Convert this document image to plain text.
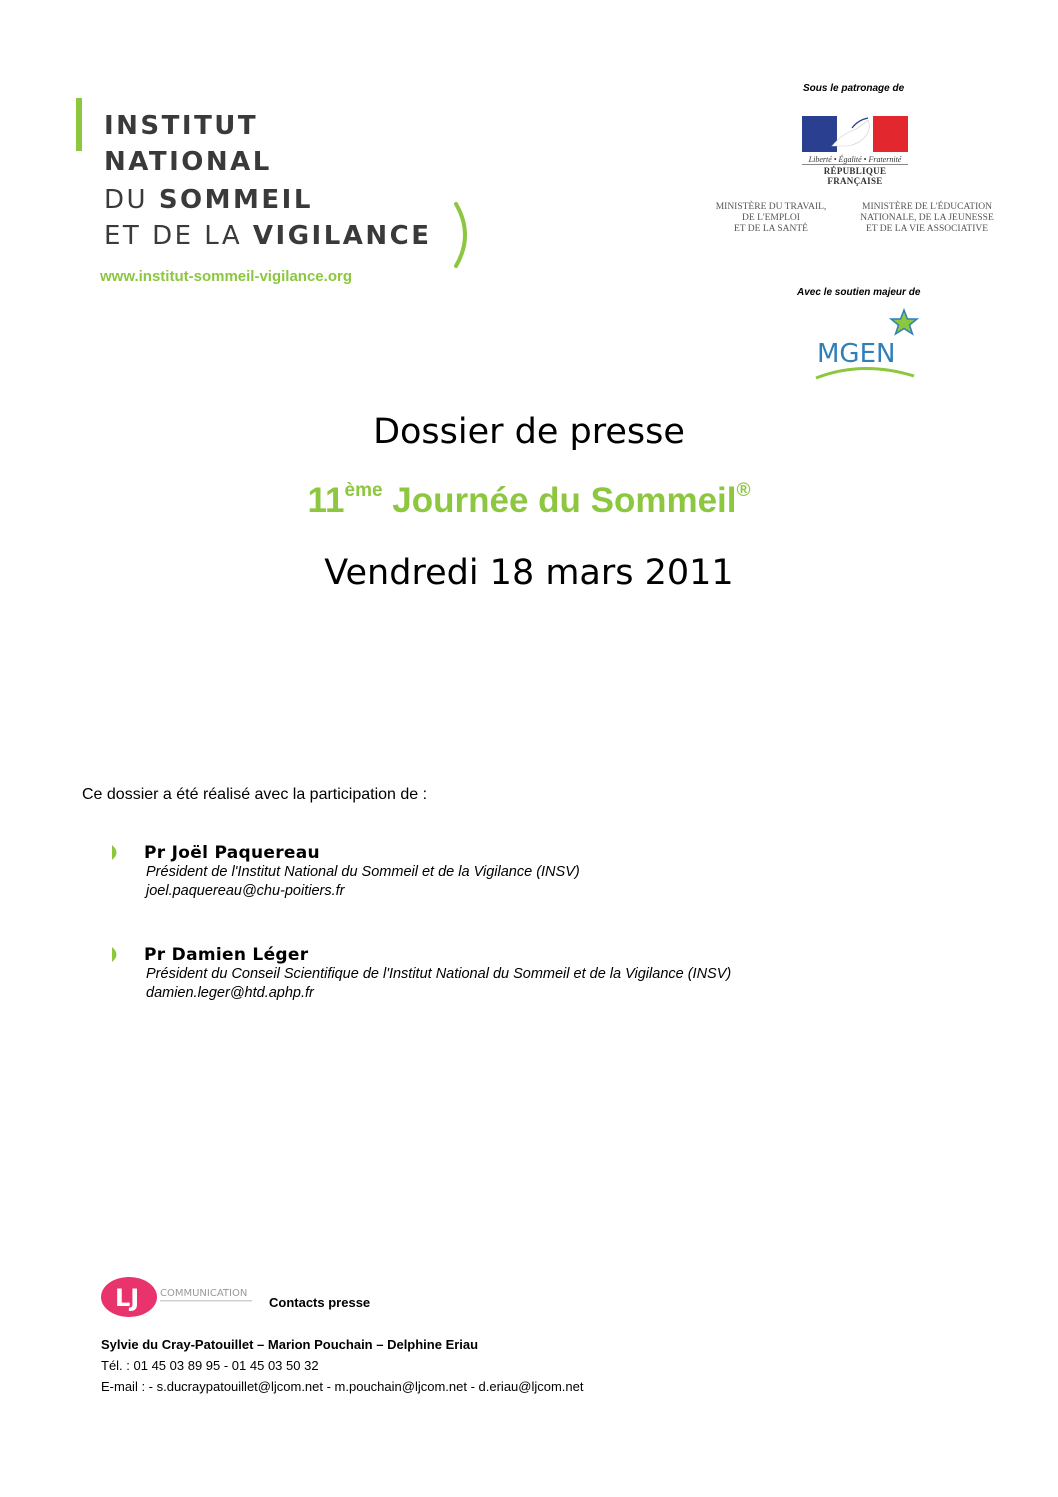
INSTITUT
NATIONAL
DU SOMMEIL
ET DE LA VIGILANCE
www.institut-sommeil-vigilance.org
Sous le patronage de
Liberté • Égalité • Fraternité
RÉPUBLIQUE FRANÇAISE
MINISTÈRE DU TRAVAIL,
DE L'EMPLOI
ET DE LA SANTÉ
MINISTÈRE DE L'ÉDUCATION
NATIONALE, DE LA JEUNESSE
ET DE LA VIE ASSOCIATIVE
Avec le soutien majeur de
MGEN
Dossier de presse
11ème Journée du Sommeil®
Vendredi 18 mars 2011
Ce dossier a été réalisé avec la participation de :
Pr Joël Paquereau
Président de l'Institut National du Sommeil et de la Vigilance (INSV)
joel.paquereau@chu-poitiers.fr
Pr Damien Léger
Président du Conseil Scientifique de l'Institut National du Sommeil et de la Vigilance (INSV)
damien.leger@htd.aphp.fr
LJ COMMUNICATION
Contacts presse
Sylvie du Cray-Patouillet – Marion Pouchain – Delphine Eriau
Tél. : 01 45 03 89 95 - 01 45 03 50 32
E-mail : - s.ducraypatouillet@ljcom.net - m.pouchain@ljcom.net - d.eriau@ljcom.net
